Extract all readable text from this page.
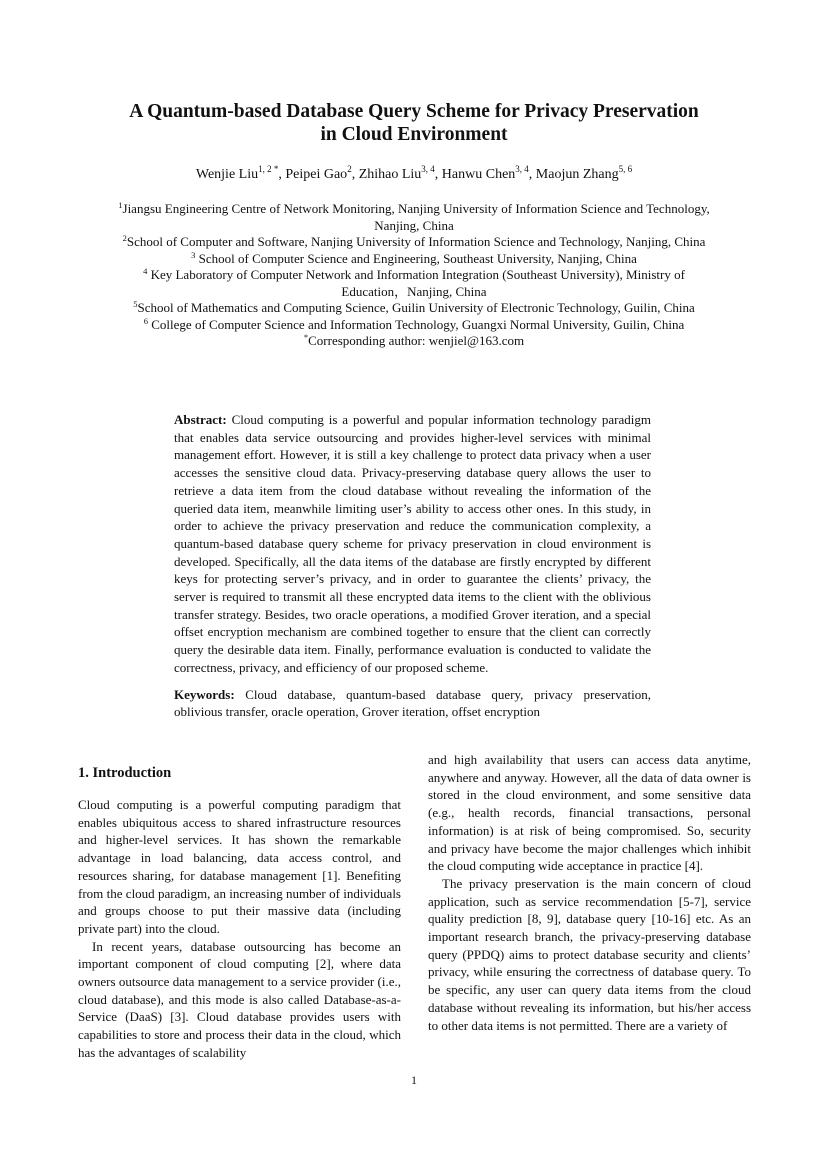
A Quantum-based Database Query Scheme for Privacy Preservation
in Cloud Environment
Wenjie Liu$^{1, 2 *}$, Peipei Gao$^2$, Zhihao Liu$^{3, 4}$, Hanwu Chen$^{3, 4}$, Maojun Zhang$^{5, 6}$

$^1$Jiangsu Engineering Centre of Network Monitoring, Nanjing University of Information Science and Technology, Nanjing, China

$^2$School of Computer and Software, Nanjing University of Information Science and Technology, Nanjing, China

$^3$ School of Computer Science and Engineering, Southeast University, Nanjing, China

$^4$ Key Laboratory of Computer Network and Information Integration (Southeast University), Ministry of Education，Nanjing, China

$^5$School of Mathematics and Computing Science, Guilin University of Electronic Technology, Guilin, China

$^6$ College of Computer Science and Information Technology, Guangxi Normal University, Guilin, China

*Corresponding author: wenjiel@163.com

Abstract: Cloud computing is a powerful and popular information technology paradigm that enables data service outsourcing and provides higher-level services with minimal management effort. However, it is still a key challenge to protect data privacy when a user accesses the sensitive cloud data. Privacy-preserving database query allows the user to retrieve a data item from the cloud database without revealing the information of the queried data item, meanwhile limiting user’s ability to access other ones. In this study, in order to achieve the privacy preservation and reduce the communication complexity, a quantum-based database query scheme for privacy preservation in cloud environment is developed. Specifically, all the data items of the database are firstly encrypted by different keys for protecting server’s privacy, and in order to guarantee the clients’ privacy, the server is required to transmit all these encrypted data items to the client with the oblivious transfer strategy. Besides, two oracle operations, a modified Grover iteration, and a special offset encryption mechanism are combined together to ensure that the client can correctly query the desirable data item. Finally, performance evaluation is conducted to validate the correctness, privacy, and efficiency of our proposed scheme.

Keywords: Cloud database, quantum-based database query, privacy preservation, oblivious transfer, oracle operation, Grover iteration, offset encryption

1. Introduction

Cloud computing is a powerful computing paradigm that enables ubiquitous access to shared infrastructure resources and higher-level services. It has shown the remarkable advantage in load balancing, data access control, and resources sharing, for database management [1]. Benefiting from the cloud paradigm, an increasing number of individuals and groups choose to put their massive data (including private part) into the cloud.

In recent years, database outsourcing has become an important component of cloud computing [2], where data owners outsource data management to a service provider (i.e., cloud database), and this mode is also called Database-as-a-Service (DaaS) [3]. Cloud database provides users with capabilities to store and process their data in the cloud, which has the advantages of scalability

and high availability that users can access data anytime, anywhere and anyway. However, all the data of data owner is stored in the cloud environment, and some sensitive data (e.g., health records, financial transactions, personal information) is at risk of being compromised. So, security and privacy have become the major challenges which inhibit the cloud computing wide acceptance in practice [4].

The privacy preservation is the main concern of cloud application, such as service recommendation [5-7], service quality prediction [8, 9], database query [10-16] etc. As an important research branch, the privacy-preserving database query (PPDQ) aims to protect database security and clients’ privacy, while ensuring the correctness of database query. To be specific, any user can query data items from the cloud database without revealing its information, but his/her access to other data items is not permitted. There are a variety of

1
